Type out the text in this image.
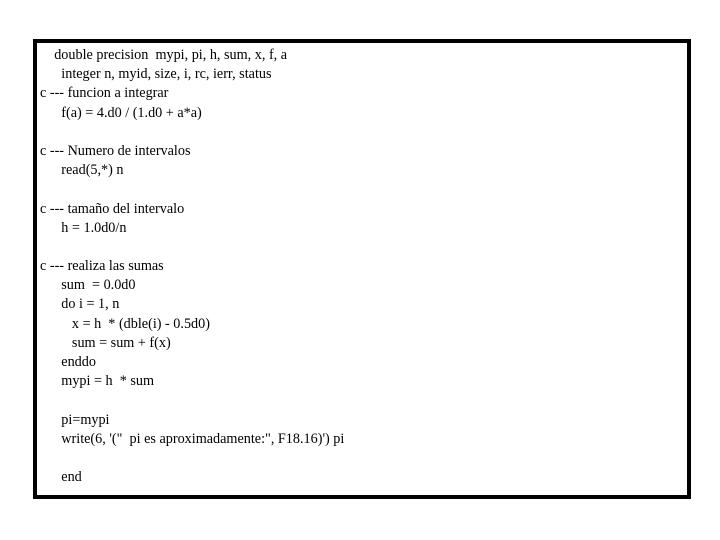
double precision  mypi, pi, h, sum, x, f, a
integer n, myid, size, i, rc, ierr, status
c --- funcion a integrar
f(a) = 4.d0 / (1.d0 + a*a)
c --- Numero de intervalos
read(5,*) n
c --- tamaño del intervalo
h = 1.0d0/n
c --- realiza las sumas
sum  = 0.0d0
do i = 1, n
x = h  * (dble(i) - 0.5d0)
sum = sum + f(x)
enddo
mypi = h  * sum
pi=mypi
write(6, '("  pi es aproximadamente:", F18.16)') pi
end
